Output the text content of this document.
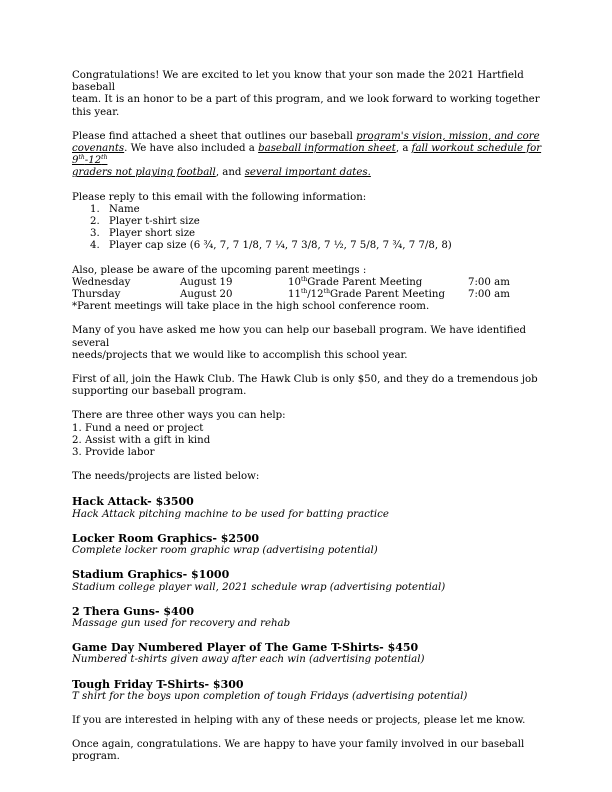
Congratulations! We are excited to let you know that your son made the 2021 Hartfield baseball

team. It is an honor to be a part of this program, and we look forward to working together this year.

Please find attached a sheet that outlines our baseball program's vision, mission, and core
covenants. We have also included a baseball information sheet, a fall workout schedule for 9th-12th
graders not playing football, and several important dates.

Please reply to this email with the following information:

1. Name
2. Player t-shirt size
3. Player short size
4. Player cap size (6 ¾, 7, 7 1/8, 7 ¼, 7 3/8, 7 ½, 7 5/8, 7 ¾, 7 7/8, 8)

Also, please be aware of the upcoming parent meetings :

Wednesday	August 19	10thGrade Parent Meeting	7:00 am
Thursday	August 20	11th/12thGrade Parent Meeting	7:00 am

*Parent meetings will take place in the high school conference room.

Many of you have asked me how you can help our baseball program. We have identified several

needs/projects that we would like to accomplish this school year.

First of all, join the Hawk Club. The Hawk Club is only $50, and they do a tremendous job

supporting our baseball program.

There are three other ways you can help:

1. Fund a need or project

2. Assist with a gift in kind

3. Provide labor

The needs/projects are listed below:

Hack Attack- $3500

Hack Attack pitching machine to be used for batting practice

Locker Room Graphics- $2500

Complete locker room graphic wrap (advertising potential)

Stadium Graphics- $1000

Stadium college player wall, 2021 schedule wrap (advertising potential)

2 Thera Guns- $400

Massage gun used for recovery and rehab

Game Day Numbered Player of The Game T-Shirts- $450

Numbered t-shirts given away after each win (advertising potential)

Tough Friday T-Shirts- $300

T shirt for the boys upon completion of tough Fridays (advertising potential)

If you are interested in helping with any of these needs or projects, please let me know.

Once again, congratulations. We are happy to have your family involved in our baseball program.
